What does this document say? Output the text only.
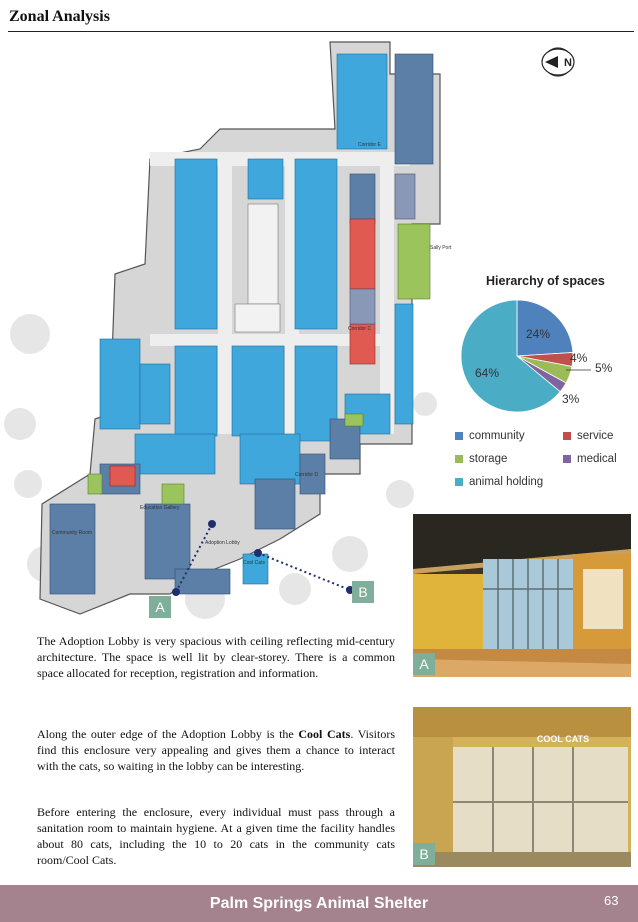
Zonal Analysis
Corridor E
Corridor D
Corridor C
Sally Port
Education Gallery
Adoption Lobby
Community Room
Cool Cats
A
B
N
Hierarchy of spaces
24%
4%
5%
3%
64%
community	service
storage	medical
animal holding
A
COOL CATS
B
The Adoption Lobby is very spacious with ceiling reflecting mid-century architecture. The space is well lit by clear-storey. There is a common space allocated for reception, registration and information.
Along the outer edge of the Adoption Lobby is the Cool Cats. Visitors find this enclosure very appealing and gives them a chance to interact with the cats, so waiting in the lobby can be interesting.
Before entering the enclosure, every individual must pass through a sanitation room to maintain hygiene. At a given time the facility handles about 80 cats, including the 10 to 20 cats in the community cats room/Cool Cats.
Palm Springs Animal Shelter	63
